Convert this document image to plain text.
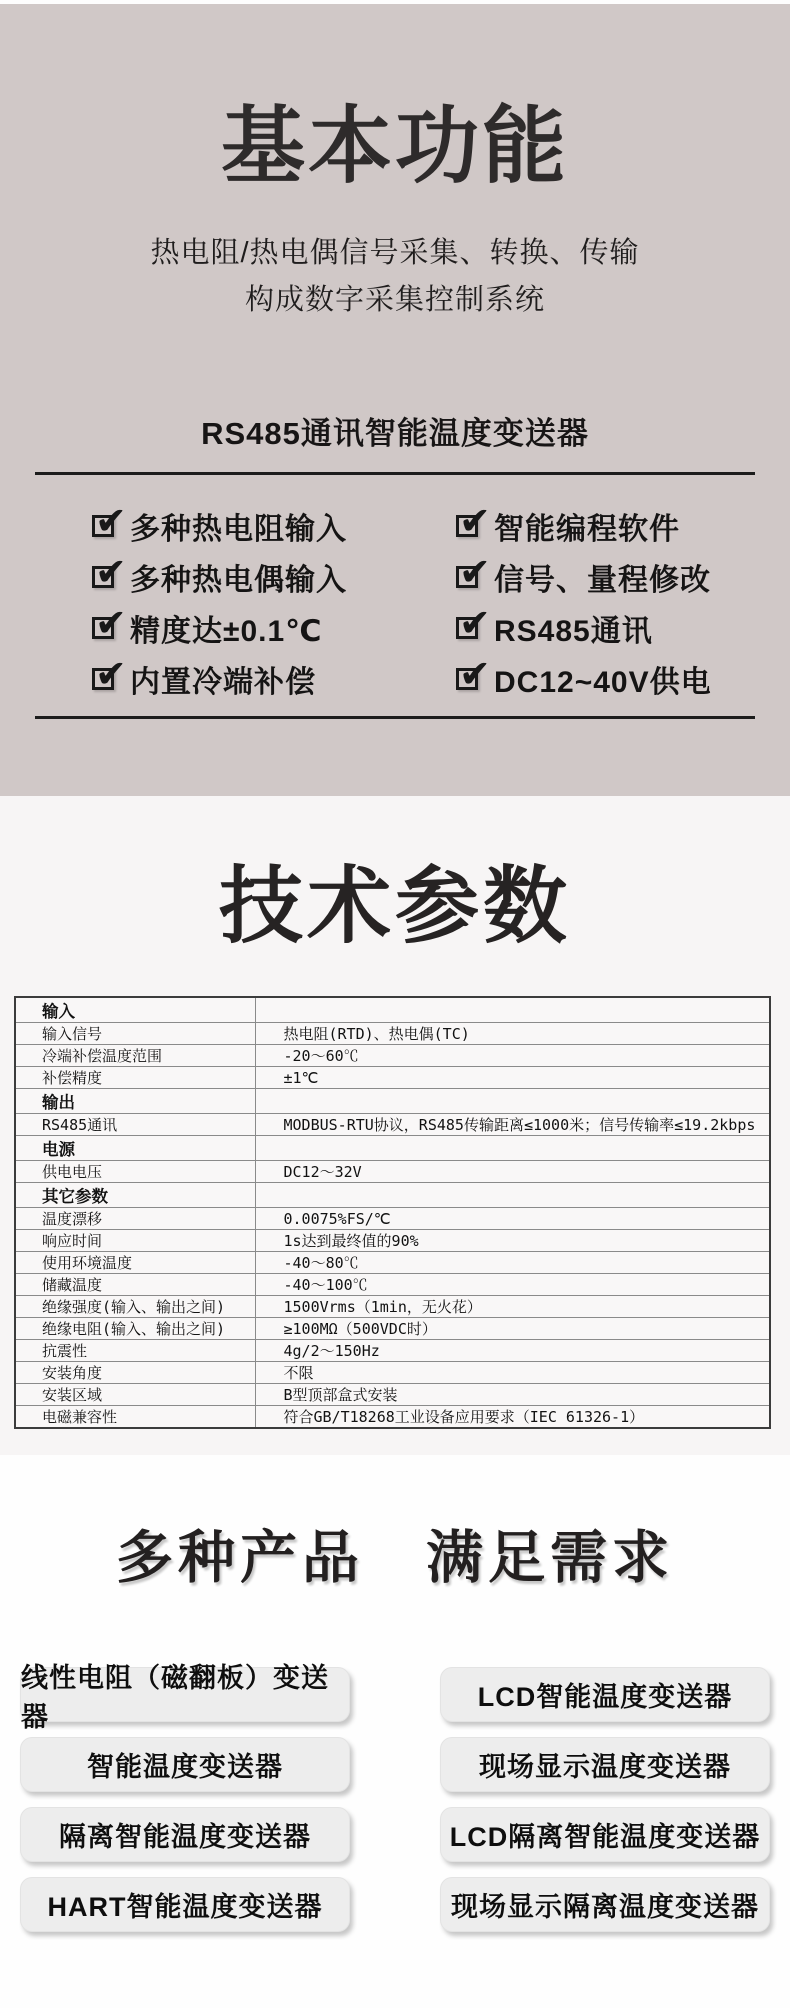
基本功能
热电阻/热电偶信号采集、转换、传输
构成数字采集控制系统
RS485通讯智能温度变送器
✔
多种热电阻输入
✔
多种热电偶输入
✔
精度达±0.1℃
✔
内置冷端补偿
✔
智能编程软件
✔
信号、量程修改
✔
RS485通讯
✔
DC12~40V供电
技术参数
输入	
输入信号	热电阻(RTD)、热电偶(TC)
冷端补偿温度范围	-20～60℃
补偿精度	±1℃
输出	
RS485通讯	MODBUS-RTU协议，RS485传输距离≤1000米；信号传输率≤19.2kbps
电源	
供电电压	DC12～32V
其它参数	
温度漂移	0.0075%FS/℃
响应时间	1s达到最终值的90%
使用环境温度	-40～80℃
储藏温度	-40～100℃
绝缘强度(输入、输出之间)	1500Vrms（1min，无火花）
绝缘电阻(输入、输出之间)	≥100MΩ（500VDC时）
抗震性	4g/2～150Hz
安装角度	不限
安装区域	B型顶部盒式安装
电磁兼容性	符合GB/T18268工业设备应用要求（IEC 61326-1）
多种产品 满足需求
线性电阻（磁翻板）变送器
LCD智能温度变送器
智能温度变送器	现场显示温度变送器
隔离智能温度变送器	LCD隔离智能温度变送器
HART智能温度变送器	现场显示隔离温度变送器
